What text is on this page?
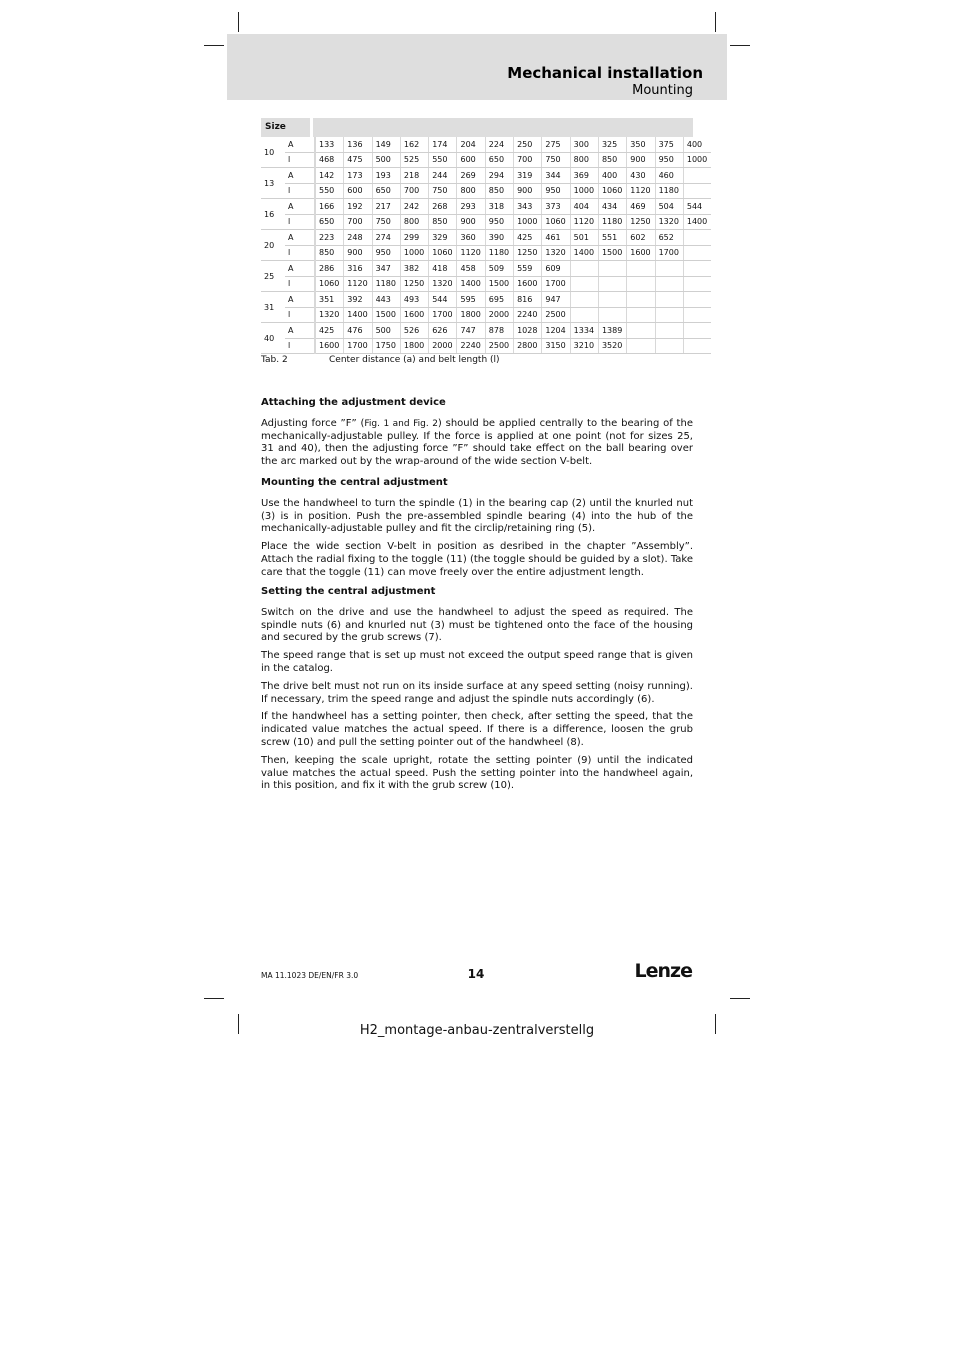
Mechanical installation
Mounting
Size
10	A	133	136	149	162	174	204	224	250	275	300	325	350	375	400
	l	468	475	500	525	550	600	650	700	750	800	850	900	950	1000
13	A	142	173	193	218	244	269	294	319	344	369	400	430	460	
	l	550	600	650	700	750	800	850	900	950	1000	1060	1120	1180	
16	A	166	192	217	242	268	293	318	343	373	404	434	469	504	544
	l	650	700	750	800	850	900	950	1000	1060	1120	1180	1250	1320	1400
20	A	223	248	274	299	329	360	390	425	461	501	551	602	652	
	l	850	900	950	1000	1060	1120	1180	1250	1320	1400	1500	1600	1700	
25	A	286	316	347	382	418	458	509	559	609					
	l	1060	1120	1180	1250	1320	1400	1500	1600	1700					
31	A	351	392	443	493	544	595	695	816	947					
	l	1320	1400	1500	1600	1700	1800	2000	2240	2500					
40	A	425	476	500	526	626	747	878	1028	1204	1334	1389			
	l	1600	1700	1750	1800	2000	2240	2500	2800	3150	3210	3520			
Tab. 2	Center distance (a) and belt length (l)
Attaching the adjustment device

Adjusting force ”F” (Fig. 1 and Fig. 2) should be applied centrally to the bearing of the mechanically-adjustable pulley. If the force is applied at one point (not for sizes 25, 31 and 40), then the adjusting force ”F” should take effect on the ball bearing over the arc marked out by the wrap-around of the wide section V-belt.

Mounting the central adjustment

Use the handwheel to turn the spindle (1) in the bearing cap (2) until the knurled nut (3) is in position. Push the pre-assembled spindle bearing (4) into the hub of the mechanically-adjustable pulley and fit the circlip/retaining ring (5).

Place the wide section V-belt in position as desribed in the chapter ”Assembly”. Attach the radial fixing to the toggle (11) (the toggle should be guided by a slot). Take care that the toggle (11) can move freely over the entire adjustment length.

Setting the central adjustment

Switch on the drive and use the handwheel to adjust the speed as required. The spindle nuts (6) and knurled nut (3) must be tightened onto the face of the housing and secured by the grub screws (7).

The speed range that is set up must not exceed the output speed range that is given in the catalog.

The drive belt must not run on its inside surface at any speed setting (noisy running). If necessary, trim the speed range and adjust the spindle nuts accordingly (6).

If the handwheel has a setting pointer, then check, after setting the speed, that the indicated value matches the actual speed. If there is a difference, loosen the grub screw (10) and pull the setting pointer out of the handwheel (8).

Then, keeping the scale upright, rotate the setting pointer (9) until the indicated value matches the actual speed. Push the setting pointer into the handwheel again, in this position, and fix it with the grub screw (10).

MA 11.1023 DE/EN/FR 3.0	14	Lenze
H2_montage-anbau-zentralverstellg
